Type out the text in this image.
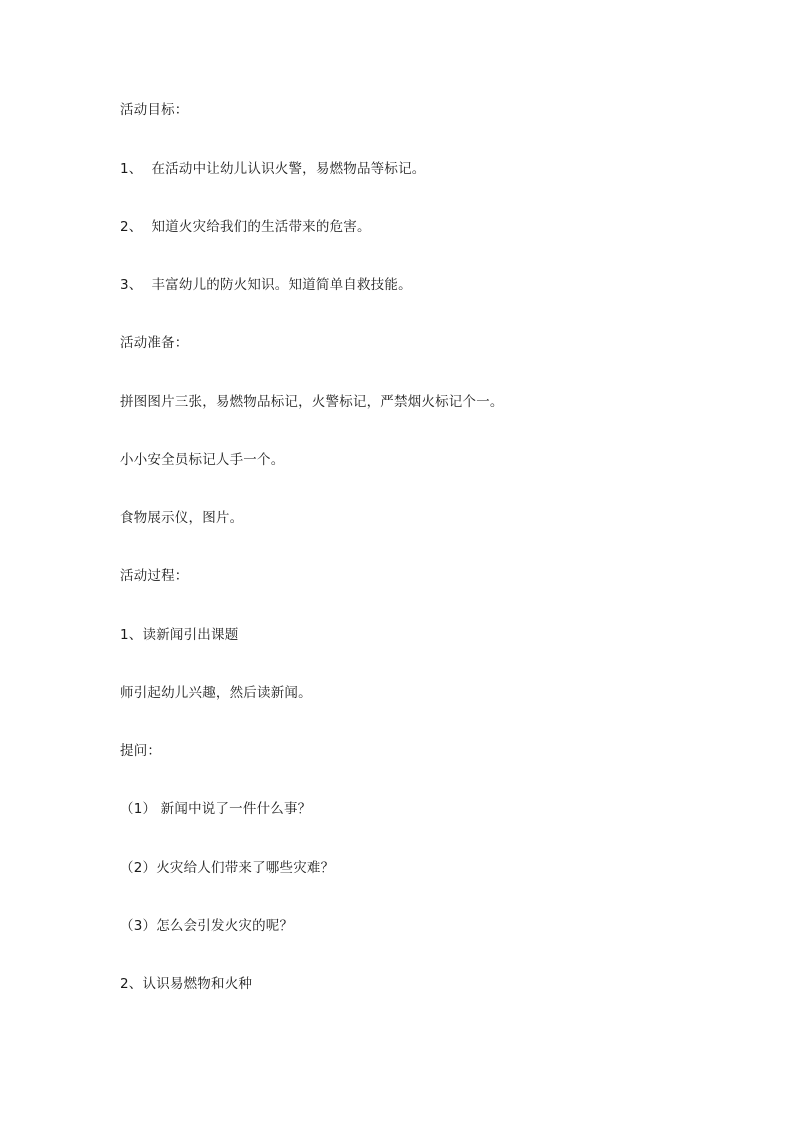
活动目标：
1、  在活动中让幼儿认识火警，易燃物品等标记。
2、  知道火灾给我们的生活带来的危害。
3、  丰富幼儿的防火知识。知道简单自救技能。
活动准备：
拼图图片三张，易燃物品标记，火警标记，严禁烟火标记个一。
小小安全员标记人手一个。
食物展示仪，图片。
活动过程：
1、读新闻引出课题
师引起幼儿兴趣，然后读新闻。
提问：
（1） 新闻中说了一件什么事？
（2）火灾给人们带来了哪些灾难？
（3）怎么会引发火灾的呢？
2、认识易燃物和火种
